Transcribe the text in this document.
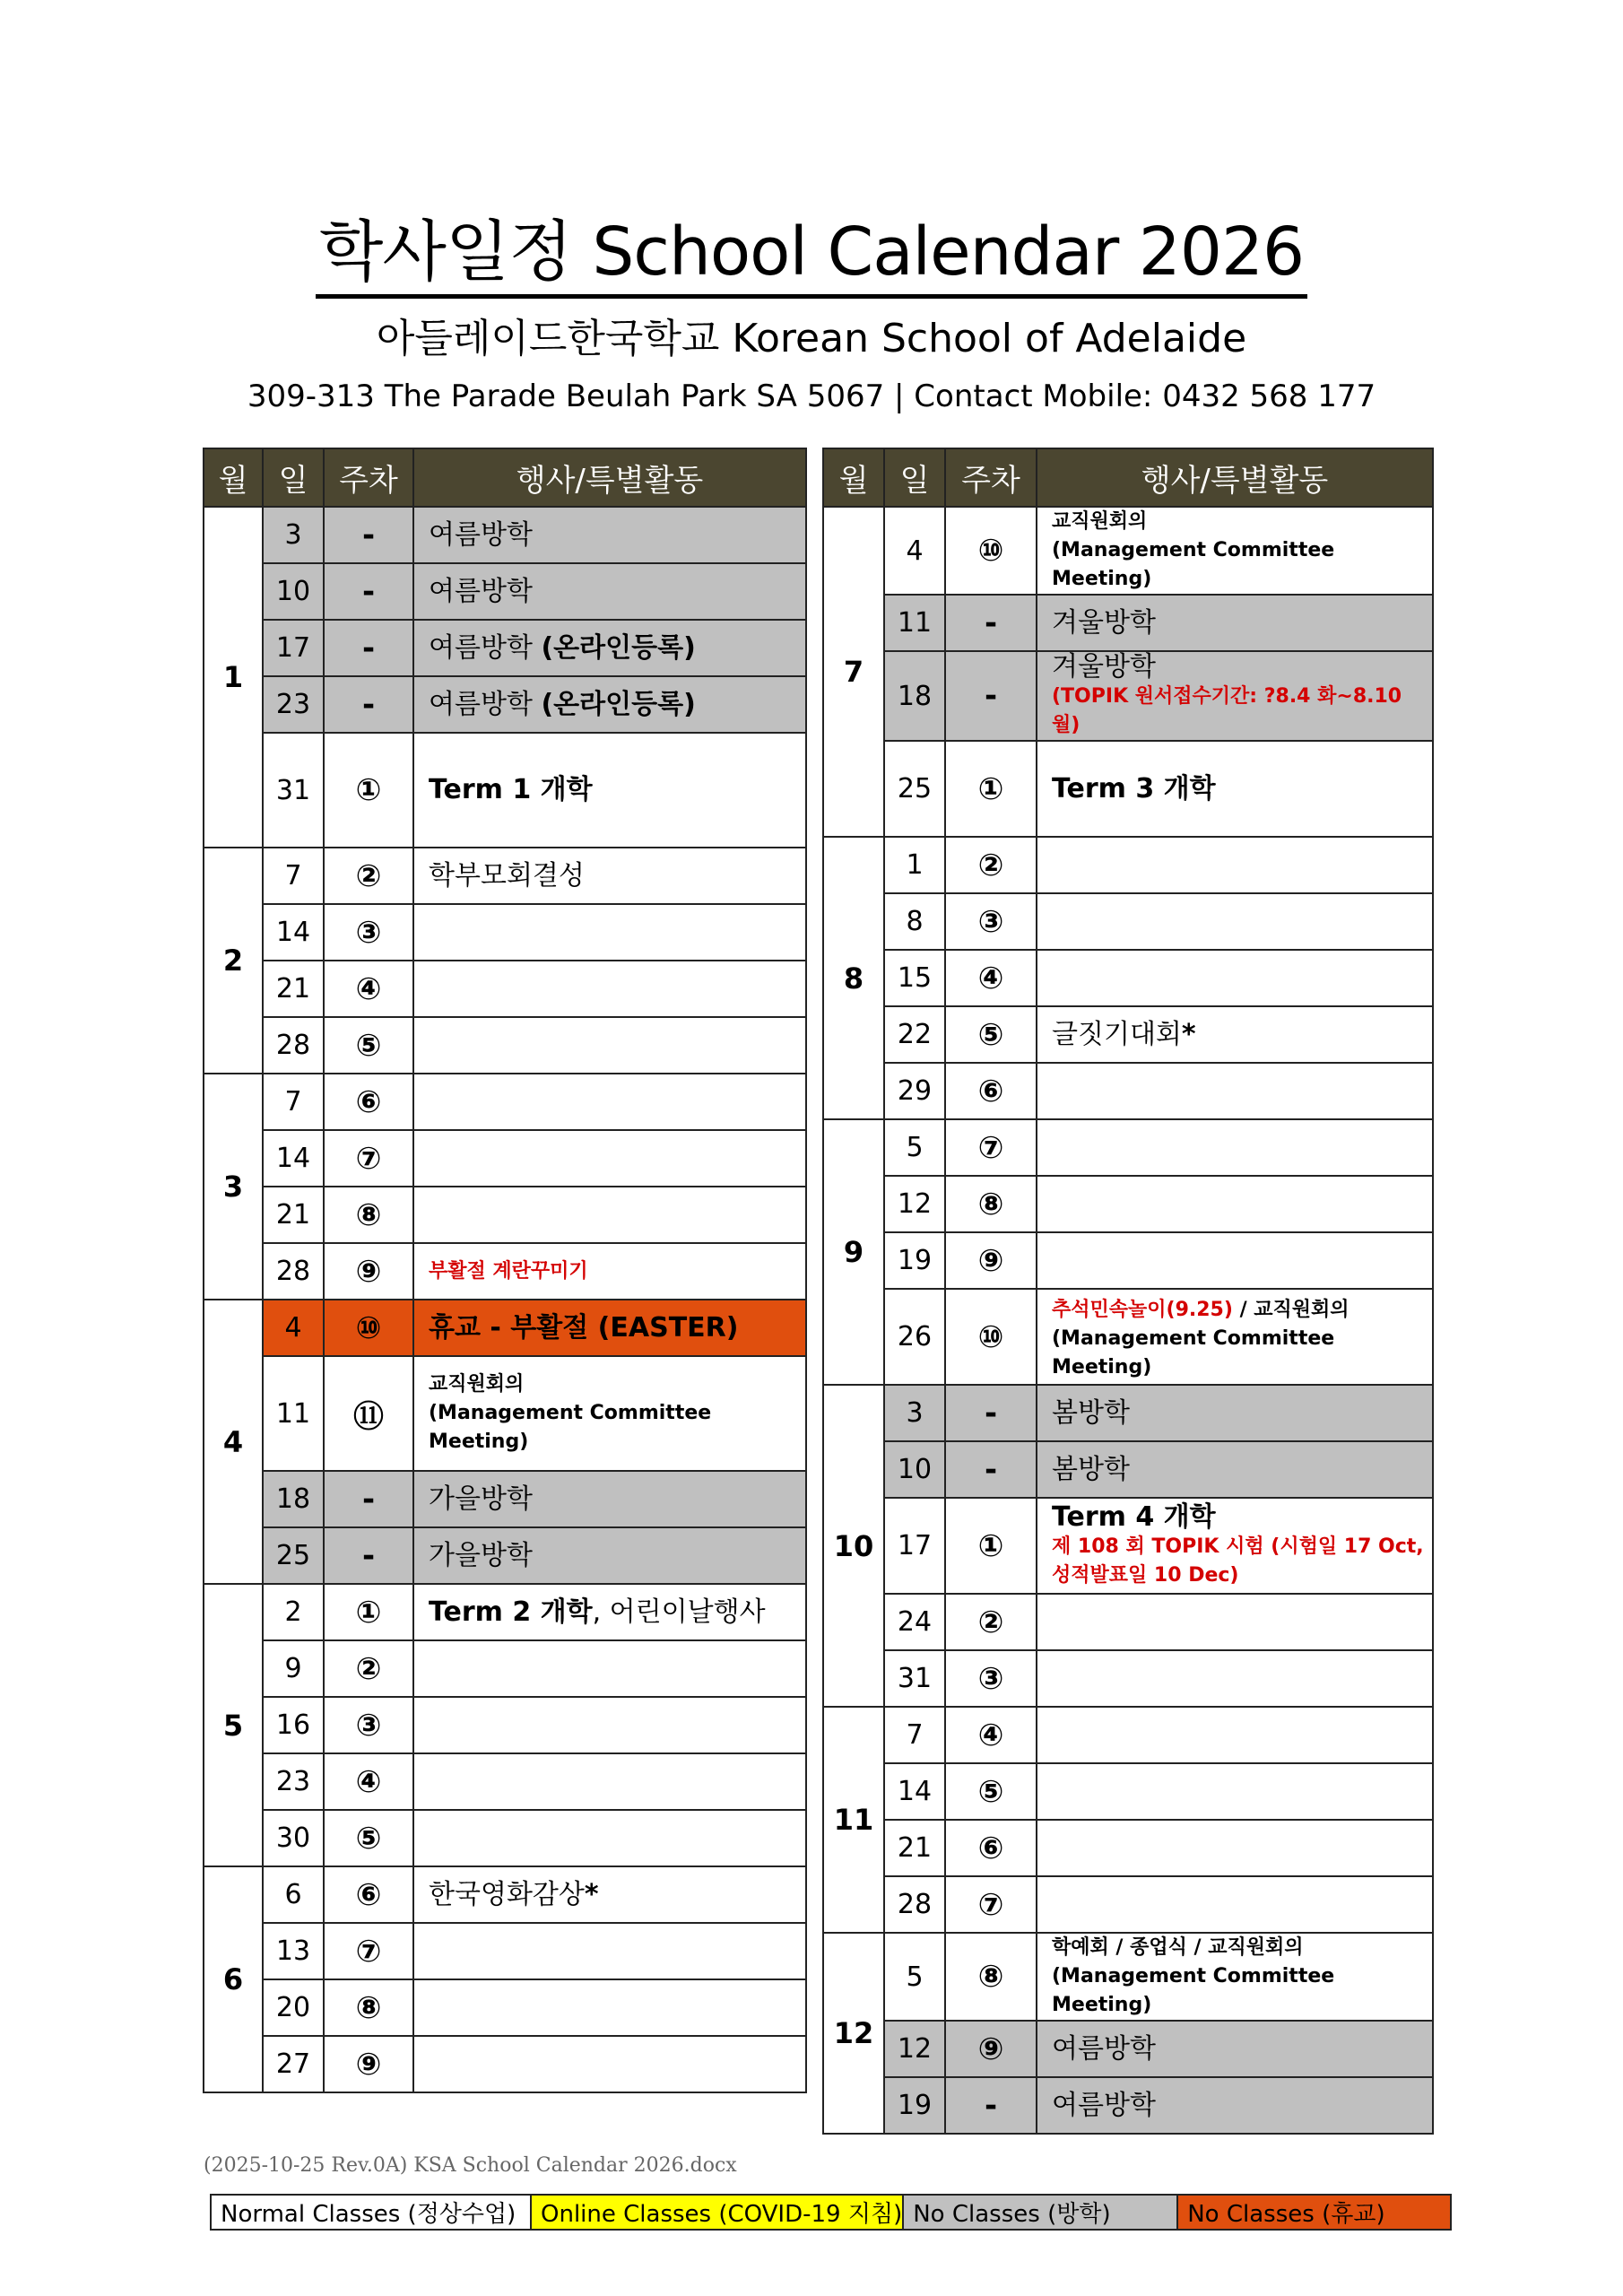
학사일정 School Calendar 2026
아들레이드한국학교 Korean School of Adelaide
309-313 The Parade Beulah Park SA 5067 | Contact Mobile: 0432 568 177
월	일	주차	행사/특별활동
1	3	-	여름방학
	10	-	여름방학
	17	-	여름방학 (온라인등록)
	23	-	여름방학 (온라인등록)
	31	①	Term 1 개학
2	7	②	학부모회결성
	14	③	
	21	④	
	28	⑤	
3	7	⑥	
	14	⑦	
	21	⑧	
	28	⑨	부활절 계란꾸미기

4	4	⑩	휴교 - 부활절 (EASTER)
	11	⑪	교직원회의
(Management Committee Meeting)

	18	-	가을방학
	25	-	가을방학
5	2	①	Term 2 개학, 어린이날행사
	9	②	
	16	③	
	23	④	
	30	⑤	
6	6	⑥	한국영화감상*
	13	⑦	
	20	⑧	
	27	⑨	
월	일	주차	행사/특별활동
7	4	⑩	교직원회의
(Management Committee Meeting)

	11	-	겨울방학
	18	-	겨울방학
(TOPIK 원서접수기간: ?8.4 화~8.10 월)

	25	①	Term 3 개학
8	1	②	
	8	③	
	15	④	
	22	⑤	글짓기대회*
	29	⑥	
9	5	⑦	
	12	⑧	
	19	⑨	
	26	⑩	추석민속놀이(9.25) / 교직원회의
(Management Committee Meeting)

10	3	-	봄방학
	10	-	봄방학
	17	①	Term 4 개학
제 108 회 TOPIK 시험 (시험일 17 Oct,
성적발표일 10 Dec)

	24	②	
	31	③	
11	7	④	
	14	⑤	
	21	⑥	
	28	⑦	
12	5	⑧	학예회 / 종업식 / 교직원회의
(Management Committee Meeting)

	12	⑨	여름방학
	19	-	여름방학
(2025-10-25 Rev.0A) KSA School Calendar 2026.docx
Normal Classes (정상수업)	Online Classes (COVID-19 지침)	No Classes (방학)	No Classes (휴교)
